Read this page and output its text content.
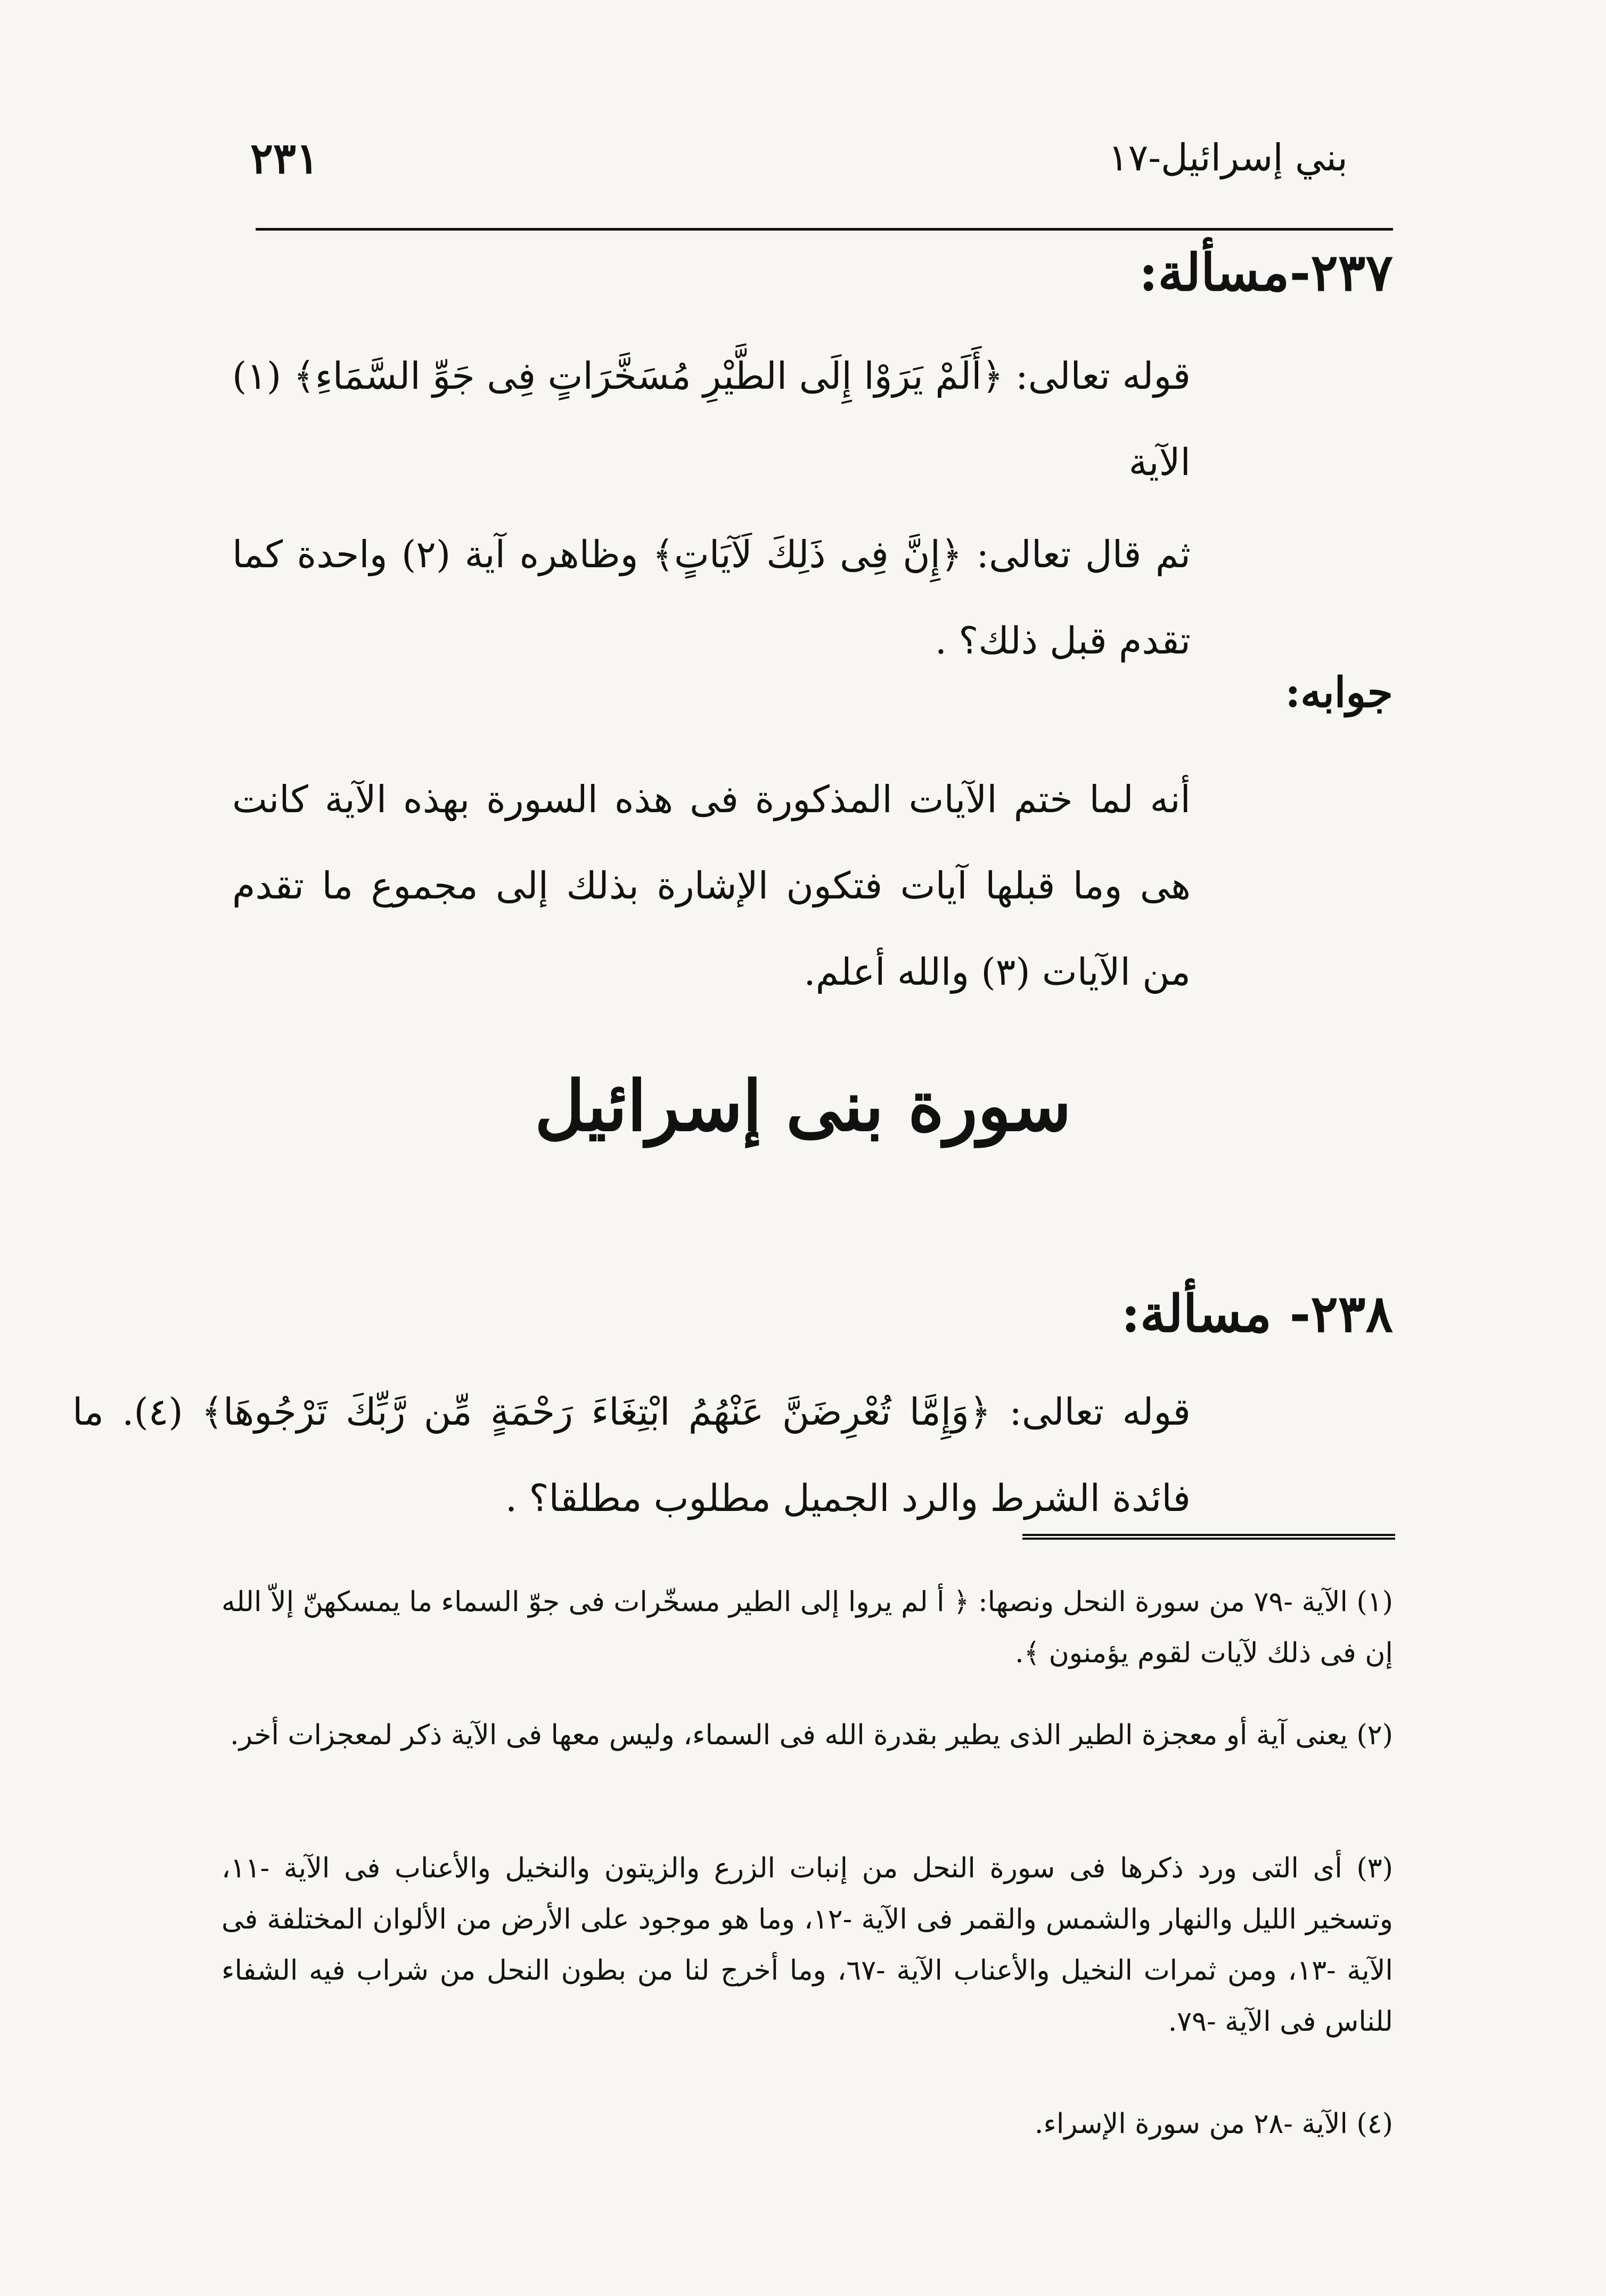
بني إسرائيل-١٧
٢٣١
٢٣٧-مسألة:
قوله تعالى: ﴿أَلَمْ يَرَوْا إِلَى الطَّيْرِ مُسَخَّرَاتٍ فِى جَوِّ السَّمَاءِ﴾ (١) الآية
ثم قال تعالى: ﴿إِنَّ فِى ذَلِكَ لَآيَاتٍ﴾ وظاهره آية (٢) واحدة كما تقدم قبل ذلك؟ .
جوابه:
أنه لما ختم الآيات المذكورة فى هذه السورة بهذه الآية كانت هى وما قبلها آيات فتكون الإشارة بذلك إلى مجموع ما تقدم من الآيات (٣) والله أعلم.
سورة بنى إسرائيل
٢٣٨- مسألة:
قوله تعالى: ﴿وَإِمَّا تُعْرِضَنَّ عَنْهُمُ ابْتِغَاءَ رَحْمَةٍ مِّن رَّبِّكَ تَرْجُوهَا﴾ (٤). ما فائدة الشرط والرد الجميل مطلوب مطلقا؟ .
(١) الآية -٧٩ من سورة النحل ونصها: ﴿ أ لم يروا إلى الطير مسخّرات فى جوّ السماء ما يمسكهنّ إلاّ الله إن فى ذلك لآيات لقوم يؤمنون ﴾.
(٢) يعنى آية أو معجزة الطير الذى يطير بقدرة الله فى السماء، وليس معها فى الآية ذكر لمعجزات أخر.
(٣) أى التى ورد ذكرها فى سورة النحل من إنبات الزرع والزيتون والنخيل والأعناب فى الآية -١١، وتسخير الليل والنهار والشمس والقمر فى الآية -١٢، وما هو موجود على الأرض من الألوان المختلفة فى الآية -١٣، ومن ثمرات النخيل والأعناب الآية -٦٧، وما أخرج لنا من بطون النحل من شراب فيه الشفاء للناس فى الآية -٧٩.
(٤) الآية -٢٨ من سورة الإسراء.
